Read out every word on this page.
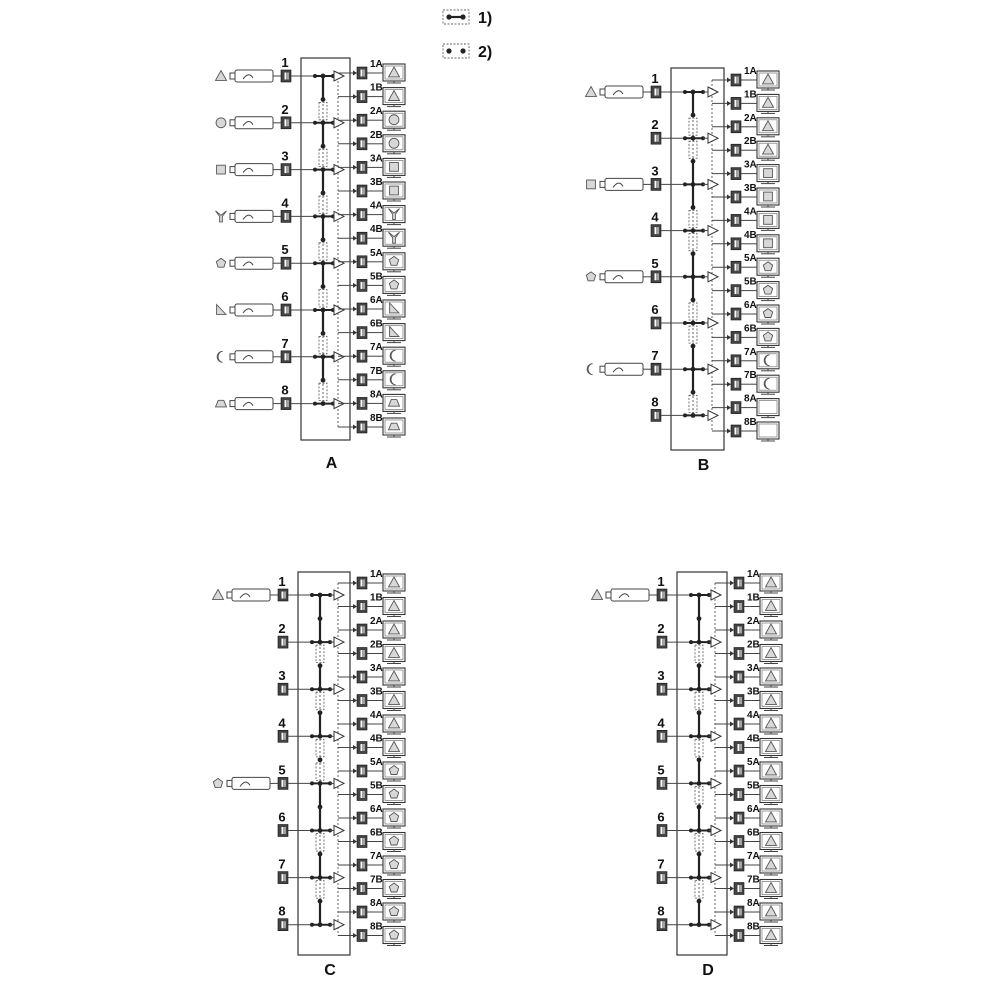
1)
2)
1
2
3
4
5
6
7
8
1A
1B
2A
2B
3A
3B
4A
4B
5A
5B
6A
6B
7A
7B
8A
8B
A
1
2
3
4
5
6
7
8
1A
1B
2A
2B
3A
3B
4A
4B
5A
5B
6A
6B
7A
7B
8A
8B
B
1
2
3
4
5
6
7
8
1A
1B
2A
2B
3A
3B
4A
4B
5A
5B
6A
6B
7A
7B
8A
8B
C
1
2
3
4
5
6
7
8
1A
1B
2A
2B
3A
3B
4A
4B
5A
5B
6A
6B
7A
7B
8A
8B
D
